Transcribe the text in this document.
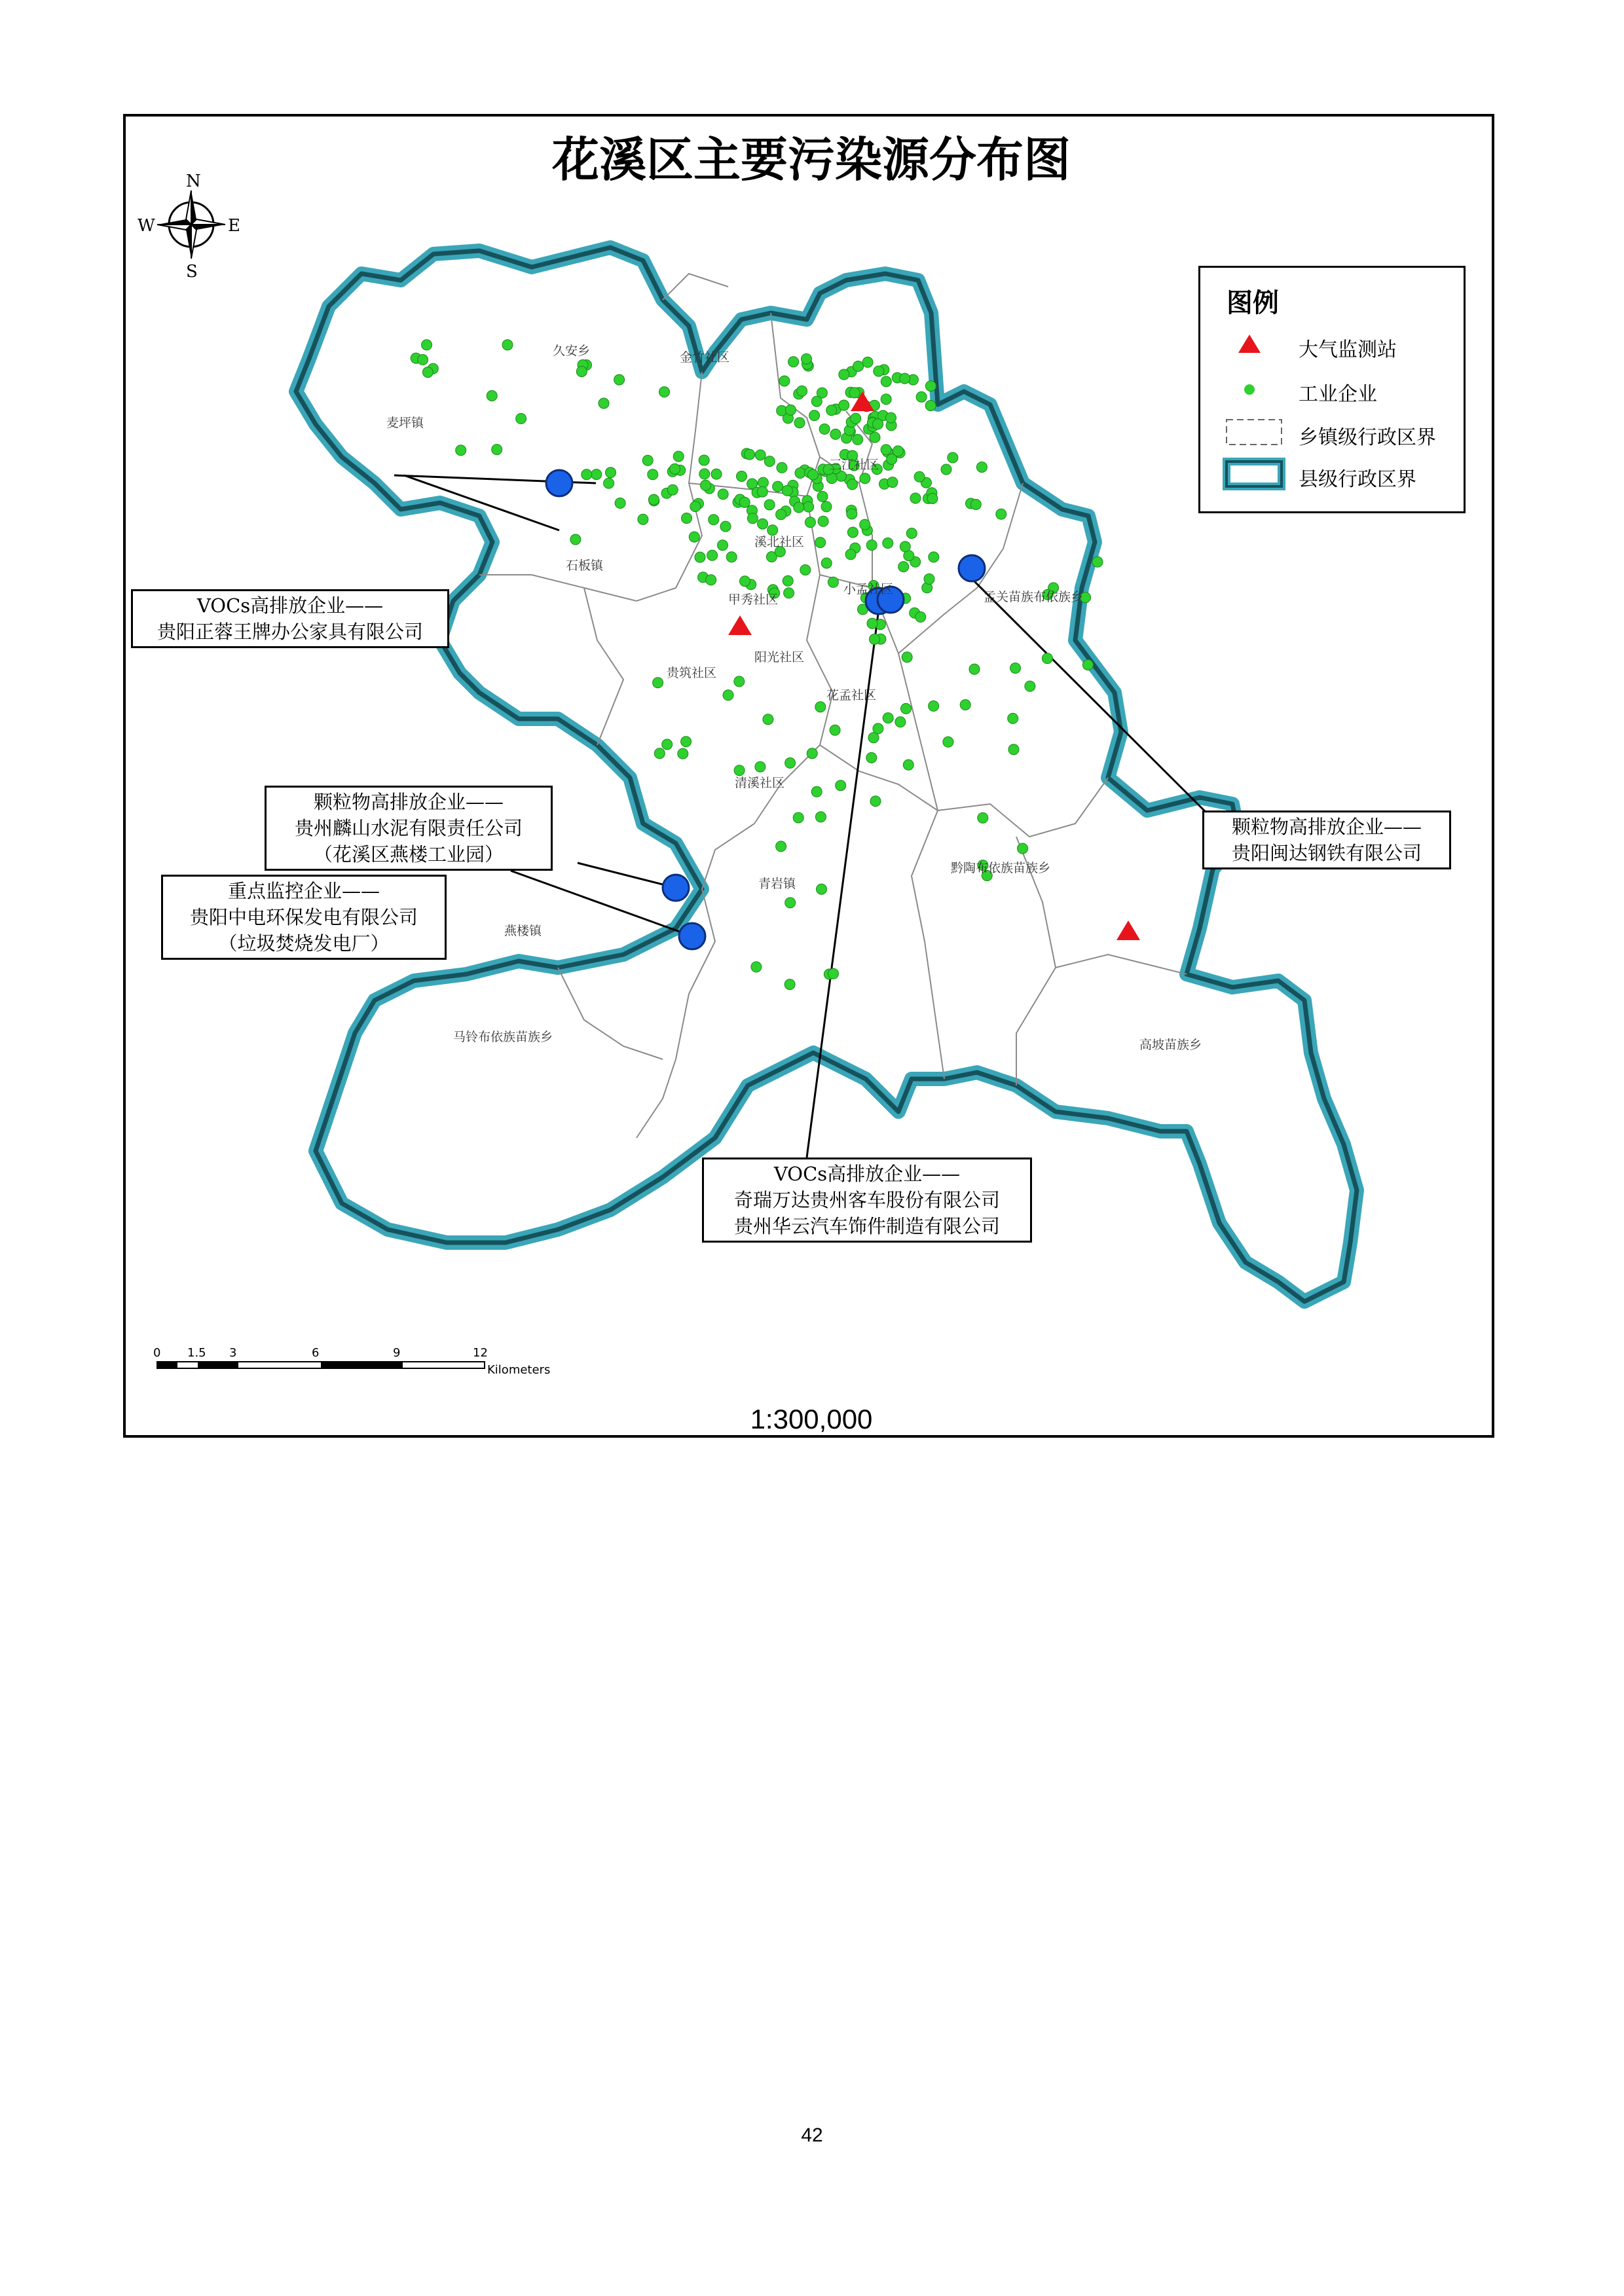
久安乡	金竹社区
麦坪镇
石板镇
贵筑社区
阳光社区
花孟社区
小孟社区
清溪社区
青岩镇
燕楼镇
马铃布依族苗族乡
孟关苗族布依族乡
黔陶布依族苗族乡
高坡苗族乡
三江社区
溪北社区
甲秀社区
N
S
E
W
花溪区主要污染源分布图
图例
大气监测站
工业企业
乡镇级行政区界
县级行政区界
VOCs高排放企业——
贵阳正蓉王牌办公家具有限公司
颗粒物高排放企业——
贵州麟山水泥有限责任公司
（花溪区燕楼工业园）
重点监控企业——
贵阳中电环保发电有限公司
（垃圾焚烧发电厂）
颗粒物高排放企业——
贵阳闽达钢铁有限公司
VOCs高排放企业——
奇瑞万达贵州客车股份有限公司
贵州华云汽车饰件制造有限公司
0 1.5 3	6	9	12
Kilometers
1:300,000
42
